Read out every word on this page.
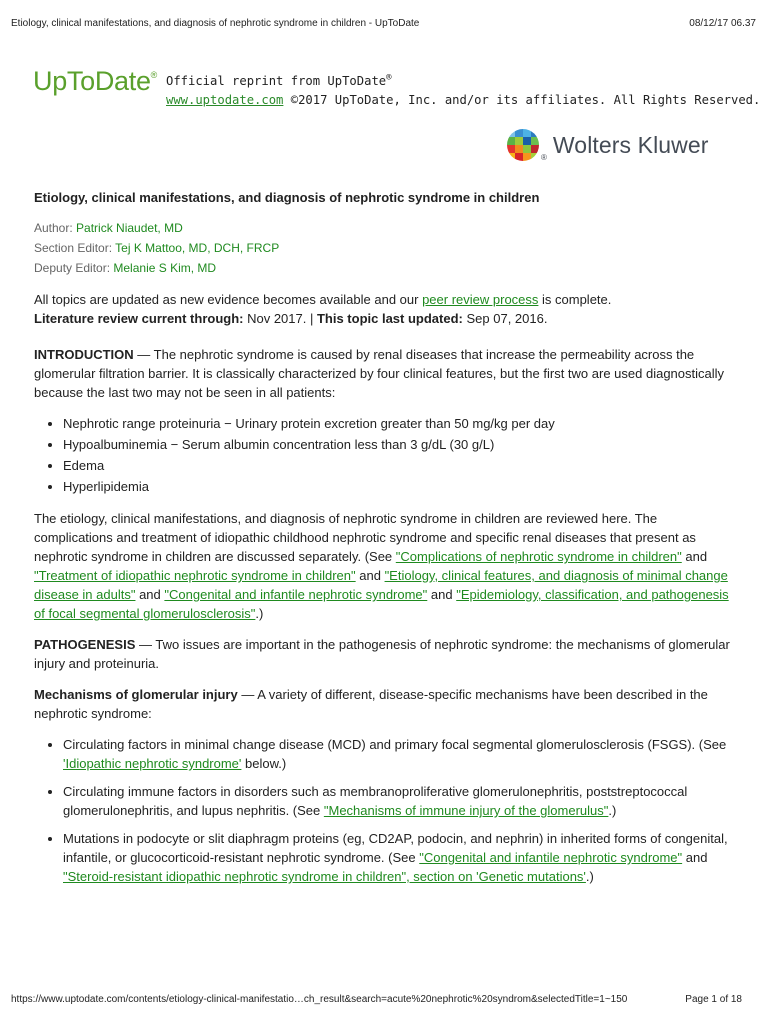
Etiology, clinical manifestations, and diagnosis of nephrotic syndrome in children - UpToDate	08/12/17 06.37
UpToDate® Official reprint from UpToDate®
www.uptodate.com ©2017 UpToDate, Inc. and/or its affiliates. All Rights Reserved.
$_®$ Wolters Kluwer
Etiology, clinical manifestations, and diagnosis of nephrotic syndrome in children
Author: Patrick Niaudet, MD
Section Editor: Tej K Mattoo, MD, DCH, FRCP
Deputy Editor: Melanie S Kim, MD

All topics are updated as new evidence becomes available and our peer review process is complete.
Literature review current through: Nov 2017. | This topic last updated: Sep 07, 2016.

INTRODUCTION — The nephrotic syndrome is caused by renal diseases that increase the permeability across the glomerular filtration barrier. It is classically characterized by four clinical features, but the first two are used diagnostically because the last two may not be seen in all patients:

• Nephrotic range proteinuria − Urinary protein excretion greater than 50 mg/kg per day
• Hypoalbuminemia − Serum albumin concentration less than 3 g/dL (30 g/L)
• Edema
• Hyperlipidemia

The etiology, clinical manifestations, and diagnosis of nephrotic syndrome in children are reviewed here. The complications and treatment of idiopathic childhood nephrotic syndrome and specific renal diseases that present as nephrotic syndrome in children are discussed separately. (See "Complications of nephrotic syndrome in children" and "Treatment of idiopathic nephrotic syndrome in children" and "Etiology, clinical features, and diagnosis of minimal change disease in adults" and "Congenital and infantile nephrotic syndrome" and "Epidemiology, classification, and pathogenesis of focal segmental glomerulosclerosis".)

PATHOGENESIS — Two issues are important in the pathogenesis of nephrotic syndrome: the mechanisms of glomerular injury and proteinuria.

Mechanisms of glomerular injury — A variety of different, disease-specific mechanisms have been described in the nephrotic syndrome:

• Circulating factors in minimal change disease (MCD) and primary focal segmental glomerulosclerosis (FSGS). (See 'Idiopathic nephrotic syndrome' below.)
• Circulating immune factors in disorders such as membranoproliferative glomerulonephritis, poststreptococcal glomerulonephritis, and lupus nephritis. (See "Mechanisms of immune injury of the glomerulus".)
• Mutations in podocyte or slit diaphragm proteins (eg, CD2AP, podocin, and nephrin) in inherited forms of congenital, infantile, or glucocorticoid-resistant nephrotic syndrome. (See "Congenital and infantile nephrotic syndrome" and "Steroid-resistant idiopathic nephrotic syndrome in children", section on 'Genetic mutations'.)
https://www.uptodate.com/contents/etiology-clinical-manifestatio…ch_result&search=acute%20nephrotic%20syndrom&selectedTitle=1~150	Page 1 of 18
